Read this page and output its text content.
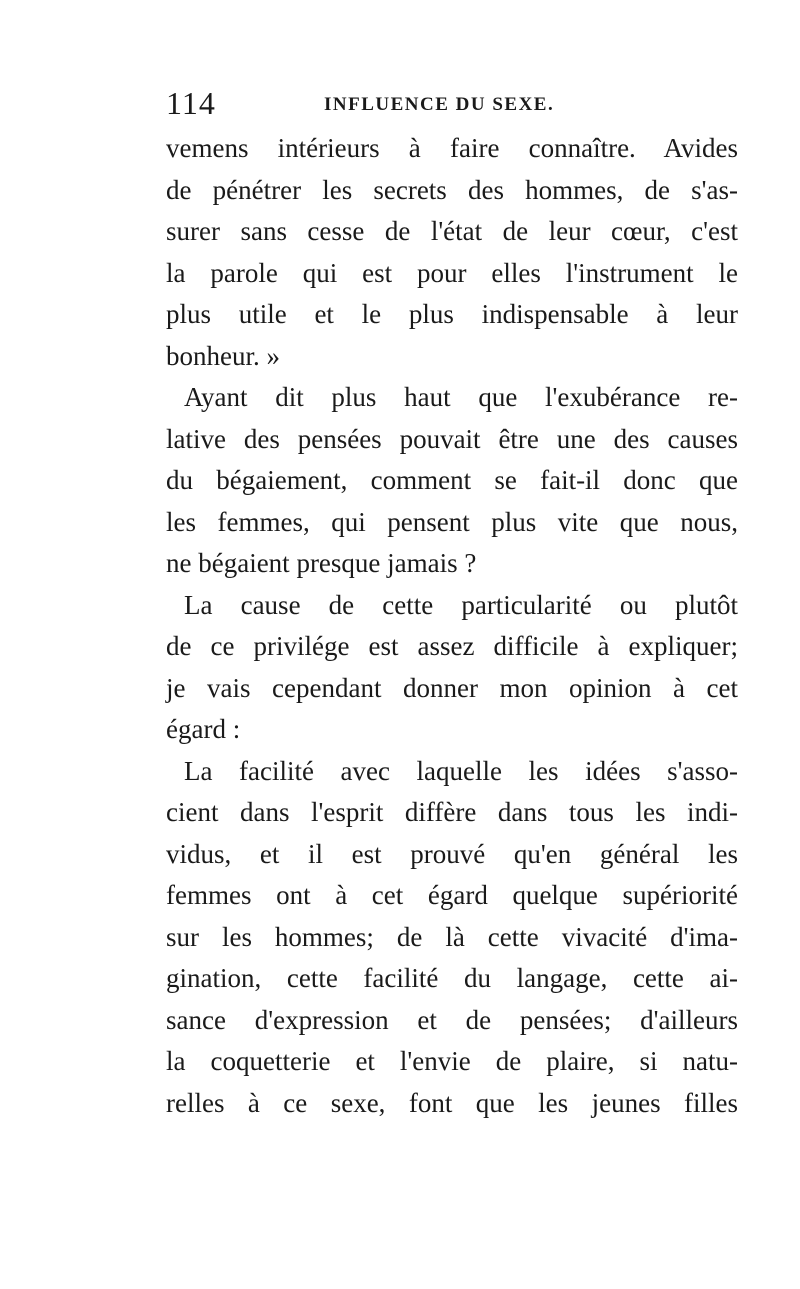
114	INFLUENCE DU SEXE.
vemens intérieurs à faire connaître. Avides
de pénétrer les secrets des hommes, de s'as-
surer sans cesse de l'état de leur cœur, c'est
la parole qui est pour elles l'instrument le
plus utile et le plus indispensable à leur
bonheur. »
Ayant dit plus haut que l'exubérance re-
lative des pensées pouvait être une des causes
du bégaiement, comment se fait-il donc que
les femmes, qui pensent plus vite que nous,
ne bégaient presque jamais ?
La cause de cette particularité ou plutôt
de ce privilége est assez difficile à expliquer;
je vais cependant donner mon opinion à cet
égard :
La facilité avec laquelle les idées s'asso-
cient dans l'esprit diffère dans tous les indi-
vidus, et il est prouvé qu'en général les
femmes ont à cet égard quelque supériorité
sur les hommes; de là cette vivacité d'ima-
gination, cette facilité du langage, cette ai-
sance d'expression et de pensées; d'ailleurs
la coquetterie et l'envie de plaire, si natu-
relles à ce sexe, font que les jeunes filles
